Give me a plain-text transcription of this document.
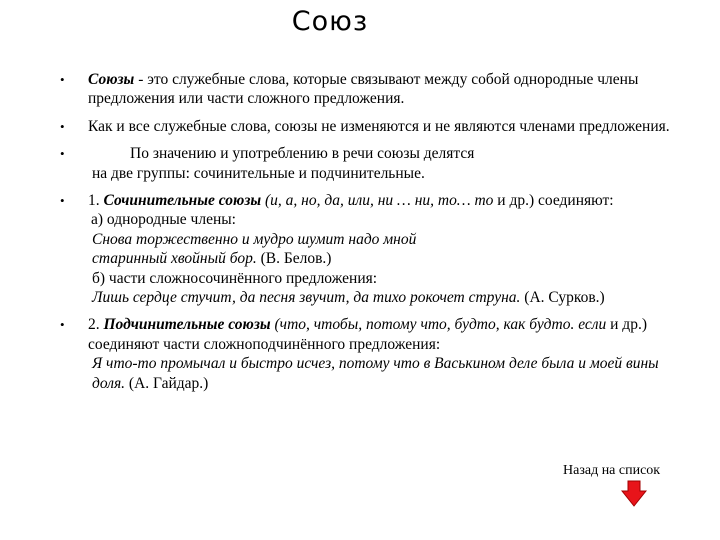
Союз
• Союзы - это служебные слова, которые связывают между собой однородные члены предложения или части сложного предложения.
• Как и все служебные слова, союзы не изменяются и не являются членами предложения.
• По значению и употреблению в речи союзы делятся
на две группы: сочинительные и подчинительные.
• 1. Сочинительные союзы (и, а, но, да, или, ни … ни, то… то и др.) соединяют:
а) однородные члены:
Снова торжественно и мудро шумит надо мной
старинный хвойный бор. (В. Белов.)
б) части сложносочинённого предложения:
Лишь сердце стучит, да песня звучит, да тихо рокочет струна. (А. Сурков.)
• 2. Подчинительные союзы (что, чтобы, потому что, будто, как будто. если и др.) соединяют части сложноподчинённого предложения:
Я что-то промычал и быстро исчез, потому что в Васькином деле была и моей вины доля. (А. Гайдар.)
Назад на список
